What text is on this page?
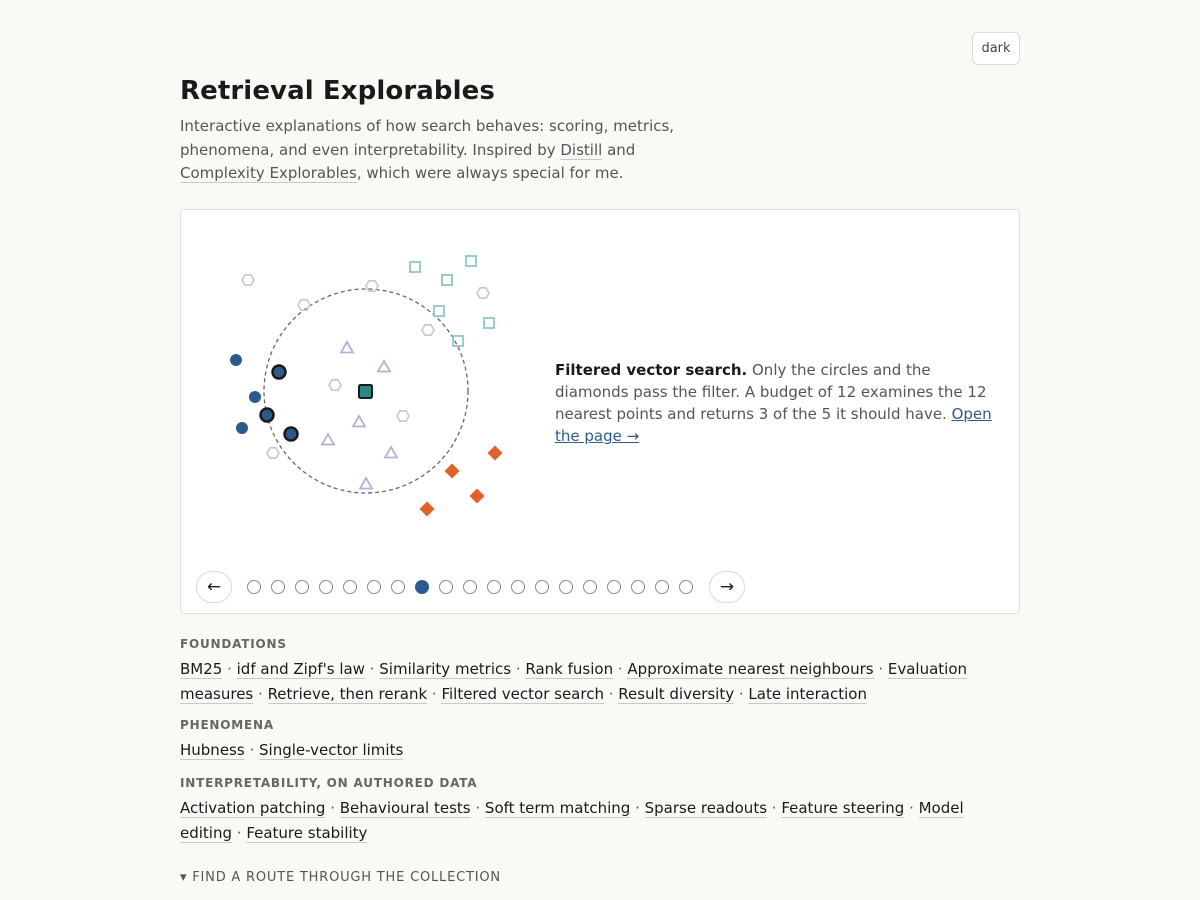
dark
Retrieval Explorables

Interactive explanations of how search behaves: scoring, metrics, phenomena, and even interpretability. Inspired by Distill and Complexity Explorables, which were always special for me.

Filtered vector search. Only the circles and the diamonds pass the filter. A budget of 12 examines the 12 nearest points and returns 3 of the 5 it should have. Open the page →
←	→

FOUNDATIONS

BM25 · idf and Zipf's law · Similarity metrics · Rank fusion · Approximate nearest neighbours · Evaluation measures · Retrieve, then rerank · Filtered vector search · Result diversity · Late interaction

PHENOMENA

Hubness · Single-vector limits

INTERPRETABILITY, ON AUTHORED DATA

Activation patching · Behavioural tests · Soft term matching · Sparse readouts · Feature steering · Model editing · Feature stability
▾ FIND A ROUTE THROUGH THE COLLECTION
